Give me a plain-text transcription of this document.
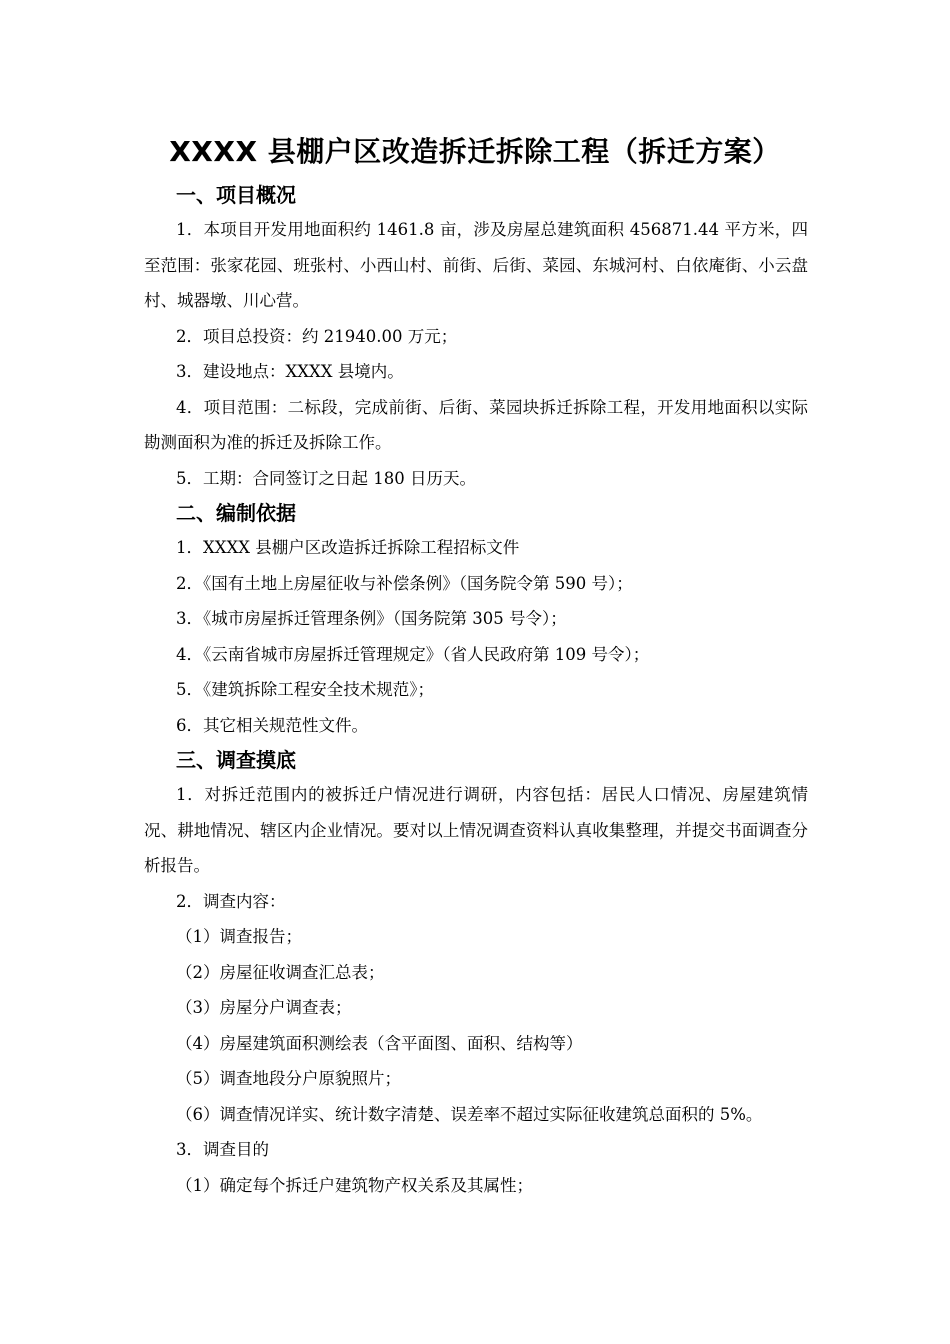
XXXX 县棚户区改造拆迁拆除工程（拆迁方案）
一、项目概况
1．本项目开发用地面积约 1461.8 亩，涉及房屋总建筑面积 456871.44 平方米，四至范围：张家花园、班张村、小西山村、前街、后街、菜园、东城河村、白依庵街、小云盘村、城器墩、川心营。
2．项目总投资：约 21940.00 万元；
3．建设地点：XXXX 县境内。
4．项目范围：二标段，完成前街、后街、菜园块拆迁拆除工程，开发用地面积以实际勘测面积为准的拆迁及拆除工作。
5．工期：合同签订之日起 180 日历天。
二、编制依据
1．XXXX 县棚户区改造拆迁拆除工程招标文件
2．《国有土地上房屋征收与补偿条例》（国务院令第 590 号）；
3．《城市房屋拆迁管理条例》（国务院第 305 号令）；
4．《云南省城市房屋拆迁管理规定》（省人民政府第 109 号令）；
5．《建筑拆除工程安全技术规范》；
6．其它相关规范性文件。
三、调查摸底
1．对拆迁范围内的被拆迁户情况进行调研，内容包括：居民人口情况、房屋建筑情况、耕地情况、辖区内企业情况。要对以上情况调查资料认真收集整理，并提交书面调查分析报告。
2．调查内容：
（1）调查报告；
（2）房屋征收调查汇总表；
（3）房屋分户调查表；
（4）房屋建筑面积测绘表（含平面图、面积、结构等）
（5）调查地段分户原貌照片；
（6）调查情况详实、统计数字清楚、误差率不超过实际征收建筑总面积的 5%。
3．调查目的
（1）确定每个拆迁户建筑物产权关系及其属性；
